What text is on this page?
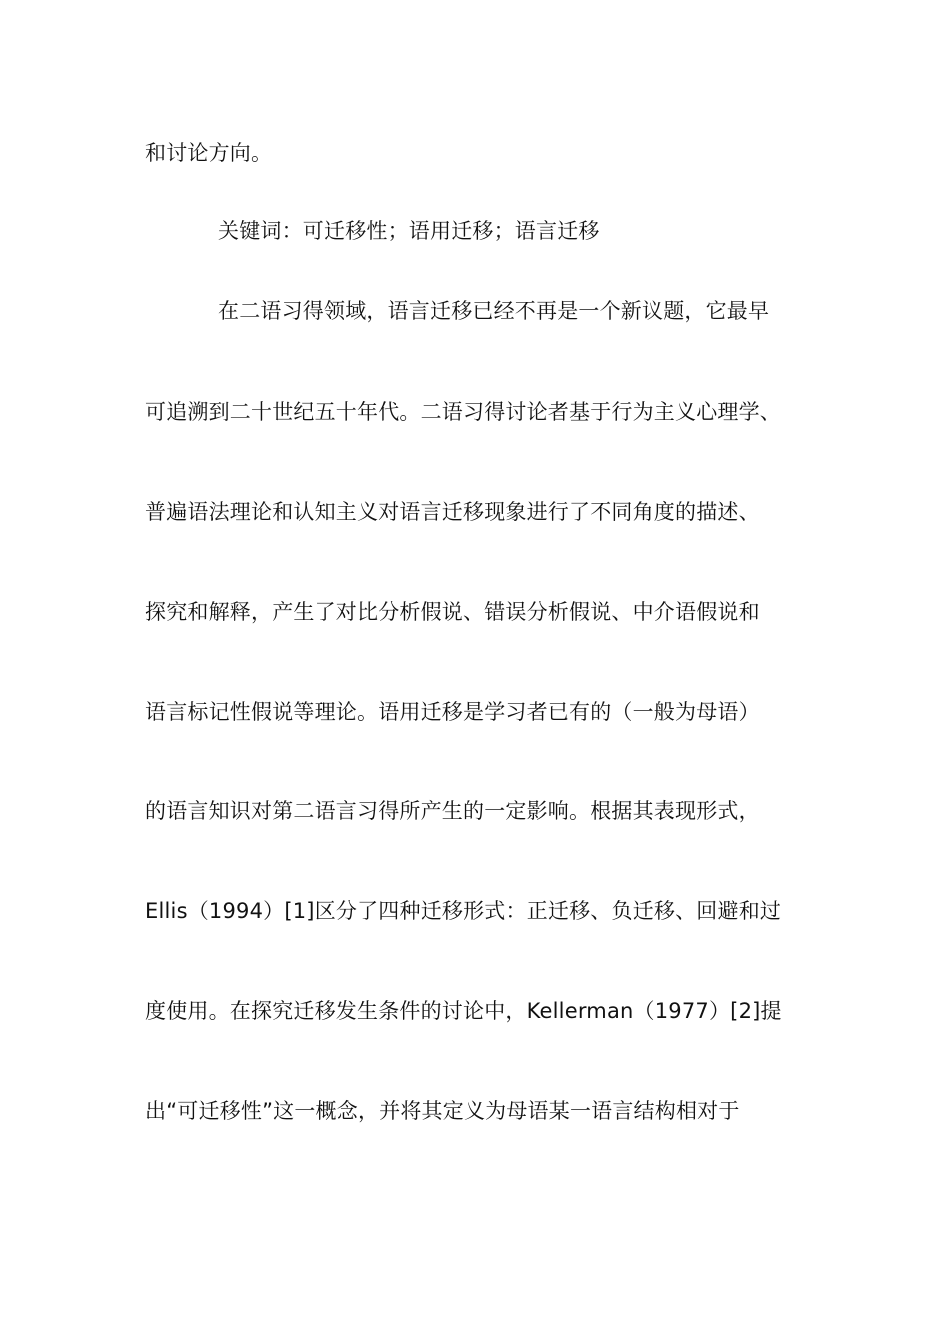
和讨论方向。
关键词：可迁移性；语用迁移；语言迁移
在二语习得领域，语言迁移已经不再是一个新议题，它最早
可追溯到二十世纪五十年代。二语习得讨论者基于行为主义心理学、
普遍语法理论和认知主义对语言迁移现象进行了不同角度的描述、
探究和解释，产生了对比分析假说、错误分析假说、中介语假说和
语言标记性假说等理论。语用迁移是学习者已有的（一般为母语）
的语言知识对第二语言习得所产生的一定影响。根据其表现形式，
Ellis（1994）[1]区分了四种迁移形式：正迁移、负迁移、回避和过
度使用。在探究迁移发生条件的讨论中，Kellerman（1977）[2]提
出“可迁移性”这一概念，并将其定义为母语某一语言结构相对于
